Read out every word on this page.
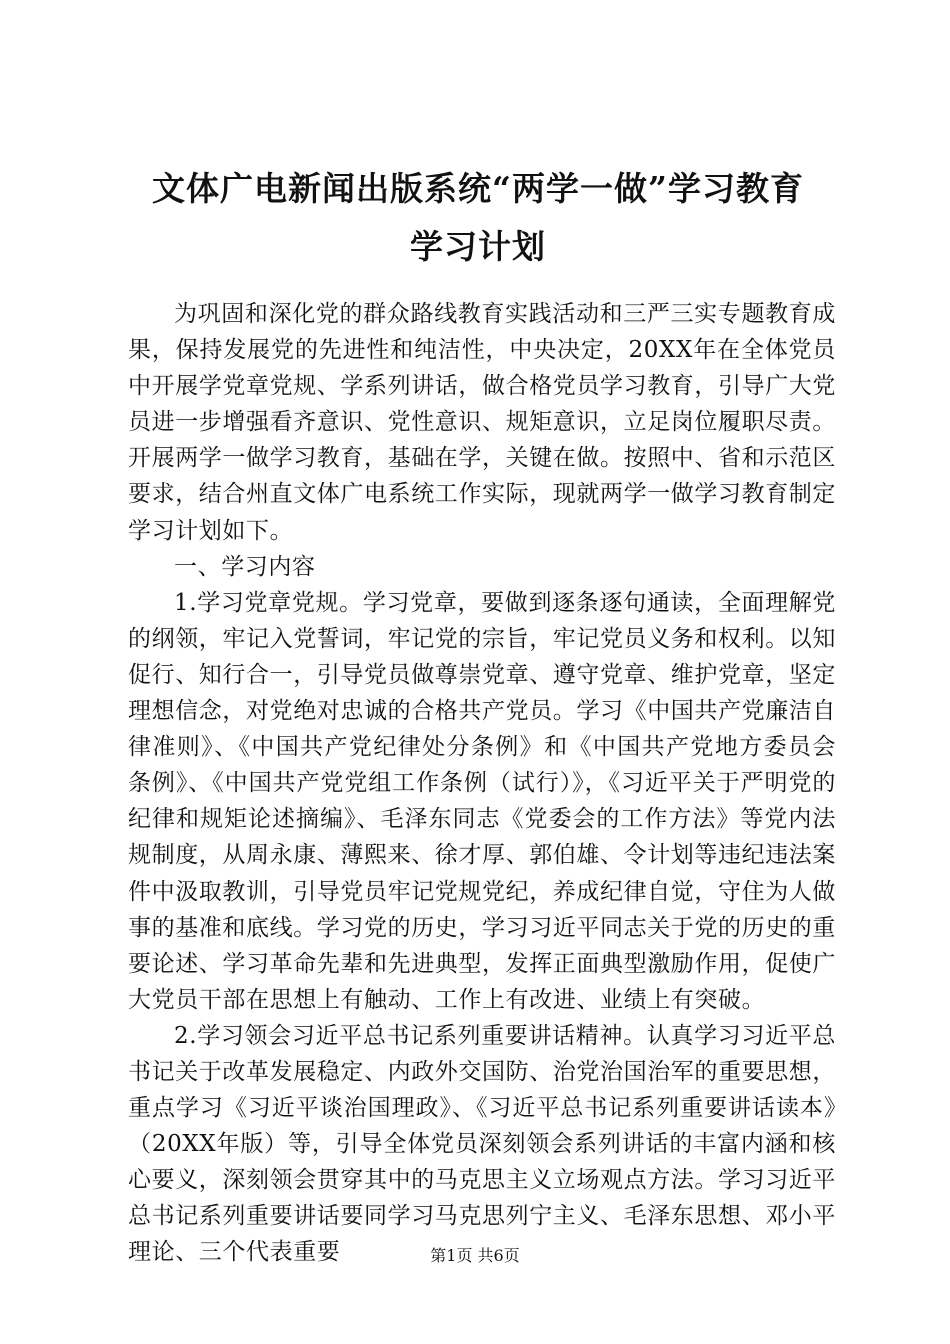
文体广电新闻出版系统“两学一做”学习教育
学习计划

为巩固和深化党的群众路线教育实践活动和三严三实专题教育成果，保持发展党的先进性和纯洁性，中央决定，20XX年在全体党员中开展学党章党规、学系列讲话，做合格党员学习教育，引导广大党员进一步增强看齐意识、党性意识、规矩意识，立足岗位履职尽责。开展两学一做学习教育，基础在学，关键在做。按照中、省和示范区要求，结合州直文体广电系统工作实际，现就两学一做学习教育制定学习计划如下。

一、学习内容

1.学习党章党规。学习党章，要做到逐条逐句通读，全面理解党的纲领，牢记入党誓词，牢记党的宗旨，牢记党员义务和权利。以知促行、知行合一，引导党员做尊崇党章、遵守党章、维护党章，坚定理想信念，对党绝对忠诚的合格共产党员。学习《中国共产党廉洁自律准则》、《中国共产党纪律处分条例》和《中国共产党地方委员会条例》、《中国共产党党组工作条例（试行）》，《习近平关于严明党的纪律和规矩论述摘编》、毛泽东同志《党委会的工作方法》等党内法规制度，从周永康、薄熙来、徐才厚、郭伯雄、令计划等违纪违法案件中汲取教训，引导党员牢记党规党纪，养成纪律自觉，守住为人做事的基准和底线。学习党的历史，学习习近平同志关于党的历史的重要论述、学习革命先辈和先进典型，发挥正面典型激励作用，促使广大党员干部在思想上有触动、工作上有改进、业绩上有突破。

2.学习领会习近平总书记系列重要讲话精神。认真学习习近平总书记关于改革发展稳定、内政外交国防、治党治国治军的重要思想，重点学习《习近平谈治国理政》、《习近平总书记系列重要讲话读本》（20XX年版）等，引导全体党员深刻领会系列讲话的丰富内涵和核心要义，深刻领会贯穿其中的马克思主义立场观点方法。学习习近平总书记系列重要讲话要同学习马克思列宁主义、毛泽东思想、邓小平理论、三个代表重要	第1页 共6页
